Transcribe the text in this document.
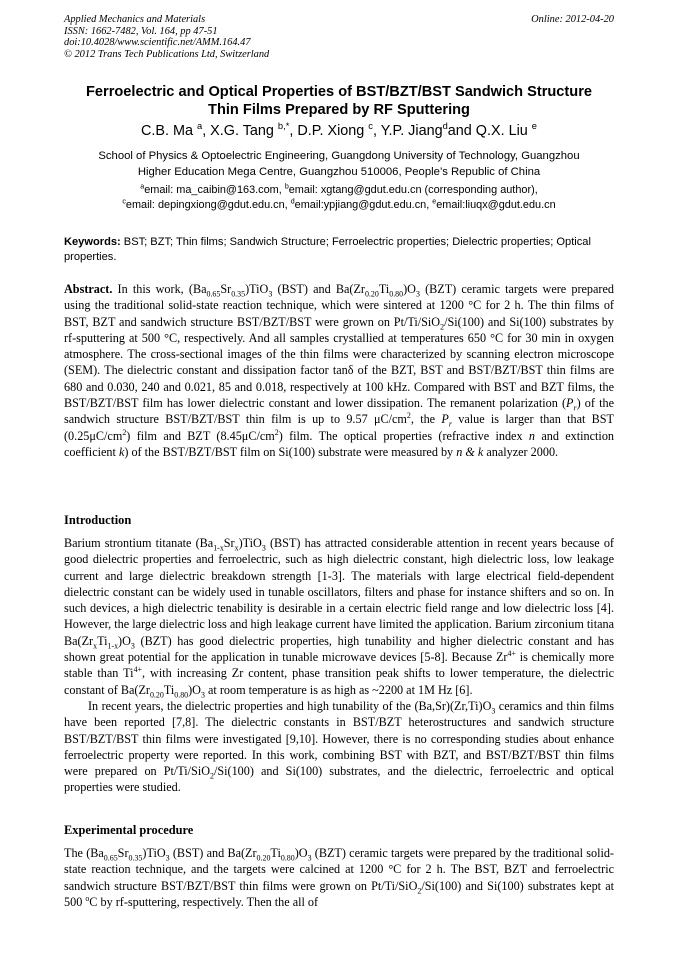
Applied Mechanics and Materials	Online: 2012-04-20
ISSN: 1662-7482, Vol. 164, pp 47-51
doi:10.4028/www.scientific.net/AMM.164.47
© 2012 Trans Tech Publications Ltd, Switzerland
Ferroelectric and Optical Properties of BST/BZT/BST Sandwich Structure
Thin Films Prepared by RF Sputtering
C.B. Ma $^a$, X.G. Tang $^{b,*}$, D.P. Xiong $^c$, Y.P. Jiang$^d$and Q.X. Liu $^e$
School of Physics & Optoelectric Engineering, Guangdong University of Technology, Guangzhou
Higher Education Mega Centre, Guangzhou 510006, People’s Republic of China
$^a$email: ma_caibin@163.com, $^b$email: xgtang@gdut.edu.cn (corresponding author),
$^c$email: depingxiong@gdut.edu.cn, $^d$email:ypjiang@gdut.edu.cn, $^e$email:liuqx@gdut.edu.cn
Keywords: BST; BZT; Thin films; Sandwich Structure; Ferroelectric properties; Dielectric properties; Optical properties.

Abstract. In this work, $(Ba_{0.65}Sr_{0.35})TiO_3$ (BST) and $Ba(Zr_{0.20}Ti_{0.80})O_3$ (BZT) ceramic targets were prepared using the traditional solid-state reaction technique, which were sintered at 1200 °C for 2 h. The thin films of BST, BZT and sandwich structure BST/BZT/BST were grown on Pt/Ti/SiO$_2$/Si(100) and Si(100) substrates by rf-sputtering at 500 °C, respectively. And all samples crystallied at temperatures 650 °C for 30 min in oxygen atmosphere. The cross-sectional images of the thin films were characterized by scanning electron microscope (SEM). The dielectric constant and dissipation factor tanδ of the BZT, BST and BST/BZT/BST thin films are 680 and 0.030, 240 and 0.021, 85 and 0.018, respectively at 100 kHz. Compared with BST and BZT films, the BST/BZT/BST film has lower dielectric constant and lower dissipation. The remanent polarization $(P_r)$ of the sandwich structure BST/BZT/BST thin film is up to 9.57 $\mu C/cm^2$, the $P_r$ value is larger than that BST $(0.25\mu C/cm^2)$ film and BZT $(8.45\mu C/cm^2)$ film. The optical properties (refractive index n and extinction coefficient k) of the BST/BZT/BST film on Si(100) substrate were measured by n & k analyzer 2000.

Introduction

Barium strontium titanate $(Ba_{1-x}Sr_x)TiO_3$ (BST) has attracted considerable attention in recent years because of good dielectric properties and ferroelectric, such as high dielectric constant, high dielectric loss, low leakage current and large dielectric breakdown strength [1-3]. The materials with large electrical field-dependent dielectric constant can be widely used in tunable oscillators, filters and phase for instance shifters and so on. In such devices, a high dielectric tenability is desirable in a certain electric field range and low dielectric loss [4]. However, the large dielectric loss and high leakage current have limited the application. Barium zirconium titana $Ba(Zr_xTi_{1-x})O_3$ (BZT) has good dielectric properties, high tunability and higher dielectric constant and has shown great potential for the application in tunable microwave devices [5-8]. Because $Zr^{4+}$ is chemically more stable than $Ti^{4+}$, with increasing Zr content, phase transition peak shifts to lower temperature, the dielectric constant of $Ba(Zr_{0.20}Ti_{0.80})O_3$ at room temperature is as high as ~2200 at 1M Hz [6].

In recent years, the dielectric properties and high tunability of the $(Ba,Sr)(Zr,Ti)O_3$ ceramics and thin films have been reported [7,8]. The dielectric constants in BST/BZT heterostructures and sandwich structure BST/BZT/BST thin films were investigated [9,10]. However, there is no corresponding studies about enhance ferroelectric property were reported. In this work, combining BST with BZT, and BST/BZT/BST thin films were prepared on Pt/Ti/SiO$_2$/Si(100) and Si(100) substrates, and the dielectric, ferroelectric and optical properties were studied.

Experimental procedure

The $(Ba_{0.65}Sr_{0.35})TiO_3$ (BST) and $Ba(Zr_{0.20}Ti_{0.80})O_3$ (BZT) ceramic targets were prepared by the traditional solid-state reaction technique, and the targets were calcined at 1200 °C for 2 h. The BST, BZT and ferroelectric sandwich structure BST/BZT/BST thin films were grown on Pt/Ti/SiO$_2$/Si(100) and Si(100) substrates kept at 500 $^o$C by rf-sputtering, respectively. Then the all of
